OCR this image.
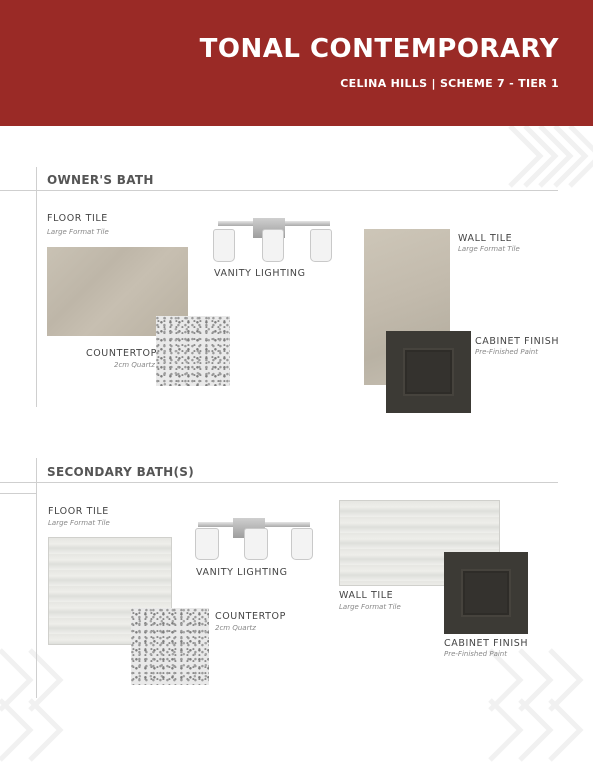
TONAL CONTEMPORARY
CELINA HILLS | SCHEME 7 - TIER 1
OWNER'S BATH
FLOOR TILE
Large Format Tile
VANITY LIGHTING
COUNTERTOP
2cm Quartz
WALL TILE
Large Format Tile
CABINET FINISH
Pre-Finished Paint
SECONDARY BATH(S)
FLOOR TILE
Large Format Tile
VANITY LIGHTING
COUNTERTOP
2cm Quartz
WALL TILE
Large Format Tile
CABINET FINISH
Pre-Finished Paint
